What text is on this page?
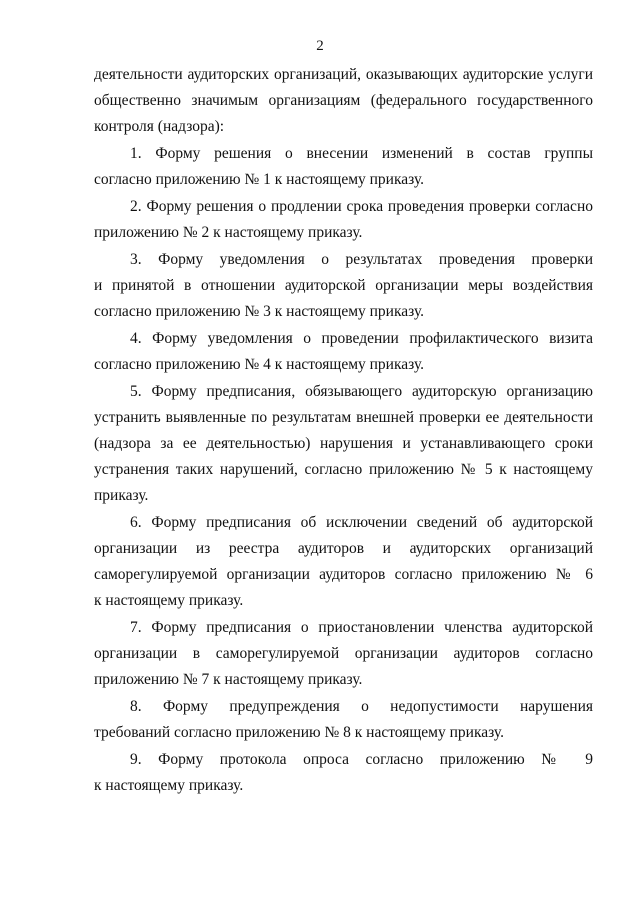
2
деятельности аудиторских организаций, оказывающих аудиторские услуги
общественно значимым организациям (федерального государственного
контроля (надзора):
1. Форму решения о внесении изменений в состав группы
согласно приложению № 1 к настоящему приказу.
2. Форму решения о продлении срока проведения проверки согласно
приложению № 2 к настоящему приказу.
3. Форму уведомления о результатах проведения проверки
и принятой в отношении аудиторской организации меры воздействия
согласно приложению № 3 к настоящему приказу.
4. Форму уведомления о проведении профилактического визита
согласно приложению № 4 к настоящему приказу.
5. Форму предписания, обязывающего аудиторскую организацию
устранить выявленные по результатам внешней проверки ее деятельности
(надзора за ее деятельностью) нарушения и устанавливающего сроки
устранения таких нарушений, согласно приложению № 5 к настоящему
приказу.
6. Форму предписания об исключении сведений об аудиторской
организации из реестра аудиторов и аудиторских организаций
саморегулируемой организации аудиторов согласно приложению № 6
к настоящему приказу.
7. Форму предписания о приостановлении членства аудиторской
организации в саморегулируемой организации аудиторов согласно
приложению № 7 к настоящему приказу.
8. Форму предупреждения о недопустимости нарушения
требований согласно приложению № 8 к настоящему приказу.
9. Форму протокола опроса согласно приложению № 9
к настоящему приказу.
